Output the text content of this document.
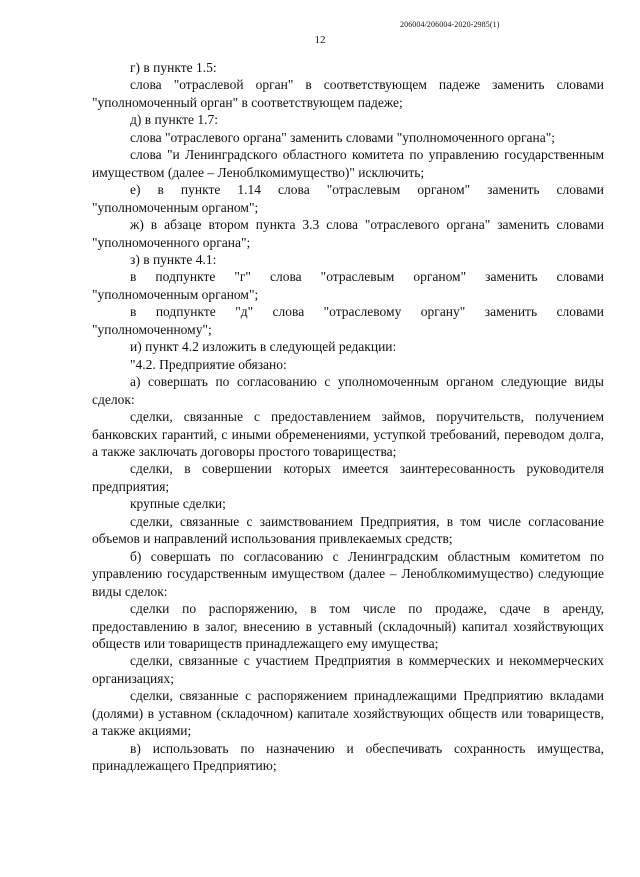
206004/206004-2020-2985(1)
12

г) в пункте 1.5:

слова "отраслевой орган" в соответствующем падеже заменить словами "уполномоченный орган" в соответствующем падеже;

д) в пункте 1.7:

слова "отраслевого органа" заменить словами "уполномоченного органа";

слова "и Ленинградского областного комитета по управлению государственным имуществом (далее – Леноблкомимущество)" исключить;

е) в пункте 1.14 слова "отраслевым органом" заменить словами "уполномоченным органом";

ж) в абзаце втором пункта 3.3 слова "отраслевого органа" заменить словами "уполномоченного органа";

з) в пункте 4.1:

в подпункте "г" слова "отраслевым органом" заменить словами "уполномоченным органом";

в подпункте "д" слова "отраслевому органу" заменить словами "уполномоченному";

и) пункт 4.2 изложить в следующей редакции:

"4.2. Предприятие обязано:

а) совершать по согласованию с уполномоченным органом следующие виды сделок:

сделки, связанные с предоставлением займов, поручительств, получением банковских гарантий, с иными обременениями, уступкой требований, переводом долга, а также заключать договоры простого товарищества;

сделки, в совершении которых имеется заинтересованность руководителя предприятия;

крупные сделки;

сделки, связанные с заимствованием Предприятия, в том числе согласование объемов и направлений использования привлекаемых средств;

б) совершать по согласованию с Ленинградским областным комитетом по управлению государственным имуществом (далее – Леноблкомимущество) следующие виды сделок:

сделки по распоряжению, в том числе по продаже, сдаче в аренду, предоставлению в залог, внесению в уставный (складочный) капитал хозяйствующих обществ или товариществ принадлежащего ему имущества;

сделки, связанные с участием Предприятия в коммерческих и некоммерческих организациях;

сделки, связанные с распоряжением принадлежащими Предприятию вкладами (долями) в уставном (складочном) капитале хозяйствующих обществ или товариществ, а также акциями;

в) использовать по назначению и обеспечивать сохранность имущества, принадлежащего Предприятию;
